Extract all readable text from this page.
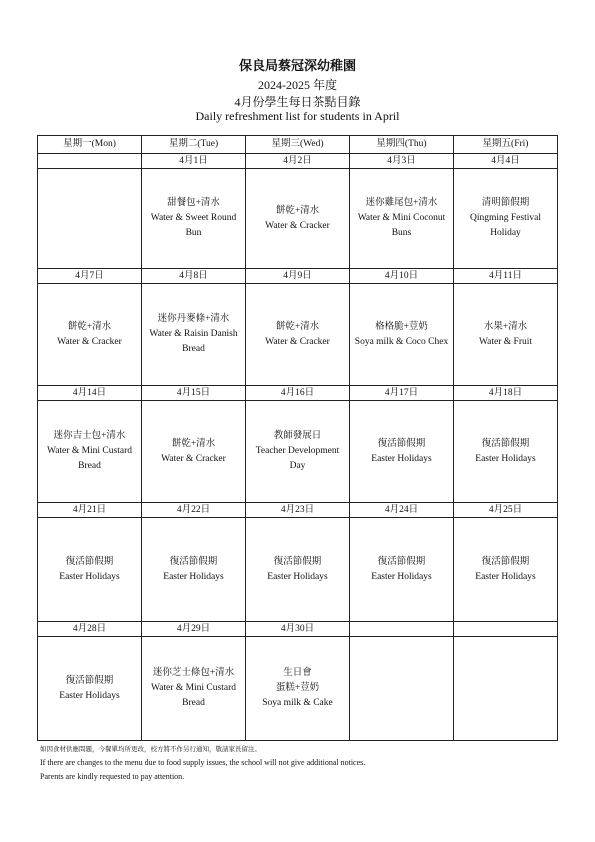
保良局蔡冠深幼稚園
2024-2025 年度
4月份學生每日茶點目錄
Daily refreshment list for students in April
星期一(Mon)	星期二(Tue)	星期三(Wed)	星期四(Thu)	星期五(Fri)
	4月1日	4月2日	4月3日	4月4日

	甜餐包+清水
Water & Sweet Round Bun	餅乾+清水
Water & Cracker	迷你雞尾包+清水
Water & Mini Coconut Buns	清明節假期
Qingming Festival Holiday

4月7日	4月8日	4月9日	4月10日	4月11日

餅乾+清水
Water & Cracker	迷你丹麥條+清水
Water & Raisin Danish Bread	餅乾+清水
Water & Cracker	格格脆+荳奶
Soya milk & Coco Chex	水果+清水
Water & Fruit

4月14日	4月15日	4月16日	4月17日	4月18日

迷你吉士包+清水
Water & Mini Custard Bread	餅乾+清水
Water & Cracker	教師發展日
Teacher Development Day	復活節假期
Easter Holidays	復活節假期
Easter Holidays

4月21日	4月22日	4月23日	4月24日	4月25日

復活節假期
Easter Holidays	復活節假期
Easter Holidays	復活節假期
Easter Holidays	復活節假期
Easter Holidays	復活節假期
Easter Holidays

4月28日	4月29日	4月30日		

復活節假期
Easter Holidays	迷你芝士條包+清水
Water & Mini Custard Bread	生日會
蛋糕+荳奶
Soya milk & Cake		

如因食材供應問題，今餐單均所更改，校方將不作另行通知，敬請家長留注。
If there are changes to the menu due to food supply issues, the school will not give additional notices.
Parents are kindly requested to pay attention.
